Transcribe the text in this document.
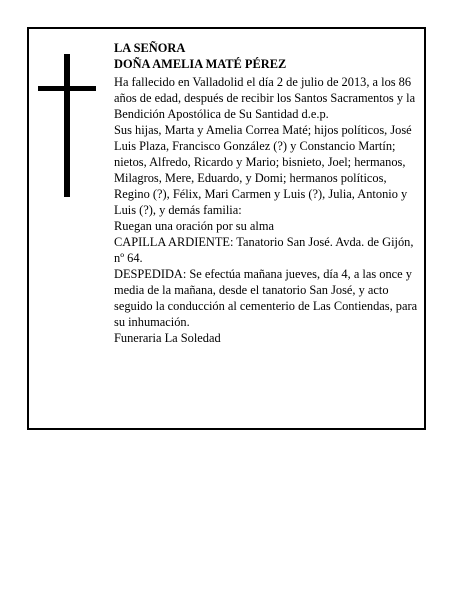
LA SEÑORA

DOÑA AMELIA MATÉ PÉREZ

Ha fallecido en Valladolid el día 2 de julio de 2013, a los 86 años de edad, después de recibir los Santos Sacramentos y la Bendición Apostólica de Su Santidad d.e.p.

Sus hijas, Marta y Amelia Correa Maté; hijos políticos, José Luis Plaza, Francisco González (?) y Constancio Martín; nietos, Alfredo, Ricardo y Mario; bisnieto, Joel; hermanos, Milagros, Mere, Eduardo, y Domi; hermanos políticos, Regino (?), Félix, Mari Carmen y Luis (?), Julia, Antonio y Luis (?), y demás familia:

Ruegan una oración por su alma

CAPILLA ARDIENTE: Tanatorio San José. Avda. de Gijón, nº 64.

DESPEDIDA: Se efectúa mañana jueves, día 4, a las once y media de la mañana, desde el tanatorio San José, y acto seguido la conducción al cementerio de Las Contiendas, para su inhumación.

Funeraria La Soledad
